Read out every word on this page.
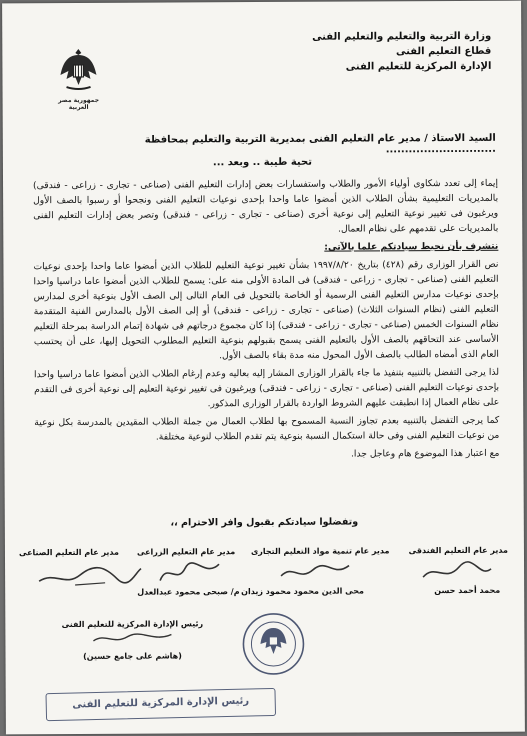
وزارة التربية والتعليم والتعليم الفنى
قطاع التعليم الفنى
الإدارة المركزية للتعليم الفنى
جمهورية مصر العربية
السيد الاستاذ / مدير عام التعليم الفنى بمديرية التربية والتعليم بمحافظة .............................
تحية طيبة .. وبعد ...

إيماء إلى تعدد شكاوى أولياء الأمور والطلاب واستفسارات بعض إدارات التعليم الفنى (صناعى - تجارى - زراعى - فندقى) بالمديريات التعليمية بشأن الطلاب الذين أمضوا عاما واحدا بإحدى نوعيات التعليم الفنى ونجحوا أو رسبوا بالصف الأول ويرغبون فى تغيير نوعية التعليم إلى نوعية أخرى (صناعى - تجارى - زراعى - فندقى) وتصر بعض إدارات التعليم الفنى بالمديريات على تقدمهم على نظام العمال.

نتشرف بأن نحيط سيادتكم علما بالآتى:

نص القرار الوزارى رقم (٤٢٨) بتاريخ ١٩٩٧/٨/٢٠ بشأن تغيير نوعية التعليم للطلاب الذين أمضوا عاما واحدا بإحدى نوعيات التعليم الفنى (صناعى - تجارى - زراعى - فندقى) فى المادة الأولى منه على: يسمح للطلاب الذين أمضوا عاما دراسيا واحدا بإحدى نوعيات مدارس التعليم الفنى الرسمية أو الخاصة بالتحويل فى العام التالى إلى الصف الأول بنوعية أخرى لمدارس التعليم الفنى (نظام السنوات الثلاث) (صناعى - تجارى - زراعى - فندقى) أو إلى الصف الأول بالمدارس الفنية المتقدمة نظام السنوات الخمس (صناعى - تجارى - زراعى - فندقى) إذا كان مجموع درجاتهم فى شهادة إتمام الدراسة بمرحلة التعليم الأساسى عند التحاقهم بالصف الأول بالتعليم الفنى يسمح بقبولهم بنوعية التعليم المطلوب التحويل إليها، على أن يحتسب العام الذى أمضاه الطالب بالصف الأول المحول منه مدة بقاء بالصف الأول.

لذا يرجى التفضل بالتنبيه بتنفيذ ما جاء بالقرار الوزارى المشار إليه بعاليه وعدم إرغام الطلاب الذين أمضوا عاما دراسيا واحدا بإحدى نوعيات التعليم الفنى (صناعى - تجارى - زراعى - فندقى) ويرغبون فى تغيير نوعية التعليم إلى نوعية أخرى فى التقدم على نظام العمال إذا انطبقت عليهم الشروط الواردة بالقرار الوزارى المذكور.

كما يرجى التفضل بالتنبيه بعدم تجاوز النسبة المسموح بها لطلاب العمال من جملة الطلاب المقيدين بالمدرسة بكل نوعية من نوعيات التعليم الفنى وفى حالة استكمال النسبة بنوعية يتم تقدم الطلاب لنوعية مختلفة.

مع اعتبار هذا الموضوع هام وعاجل جدا.

وتفضلوا سيادتكم بقبول وافر الاحترام ،،
مدير عام التعليم الصناعى مدير عام التعليم الزراعى مدير عام تنمية مواد التعليم التجارى مدير عام التعليم الفندقى
م/ صبحى محمود عبدالعدل محى الدين محمود محمود زيدان	محمد أحمد حسن
رئيس الإدارة المركزية للتعليم الفنى
(هاشم على جامع حسين)
رئيس الإدارة المركزية للتعليم الفنى
